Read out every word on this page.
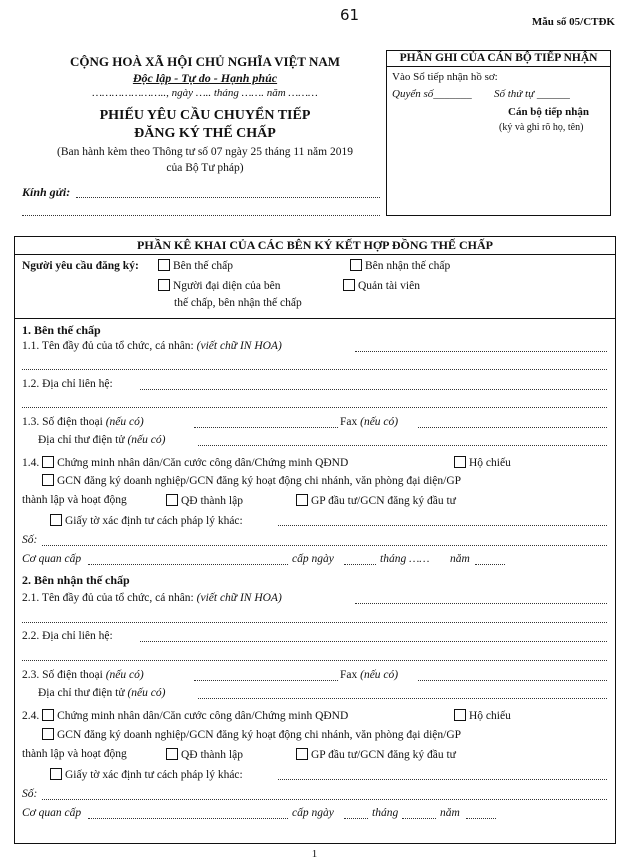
61	Mẫu số 05/CTĐK
CỘNG HOÀ XÃ HỘI CHỦ NGHĨA VIỆT NAM
Độc lập - Tự do - Hạnh phúc
………………….., ngày ….. tháng ……. năm ………
PHIẾU YÊU CẦU CHUYỂN TIẾP
ĐĂNG KÝ THẾ CHẤP
(Ban hành kèm theo Thông tư số 07 ngày 25 tháng 11 năm 2019
của Bộ Tư pháp)
Kính gửi:
PHẦN GHI CỦA CÁN BỘ TIẾP NHẬN
Vào Sổ tiếp nhận hồ sơ:
Quyển số_______ Số thứ tự ______
Cán bộ tiếp nhận
(ký và ghi rõ họ, tên)
PHẦN KÊ KHAI CỦA CÁC BÊN KÝ KẾT HỢP ĐỒNG THẾ CHẤP
Người yêu cầu đăng ký:	Bên thế chấp	Bên nhận thế chấp
Người đại diện của bên
thế chấp, bên nhận thế chấp
Quản tài viên
1. Bên thế chấp
1.1. Tên đầy đủ của tổ chức, cá nhân: (viết chữ IN HOA)
1.2. Địa chỉ liên hệ:
1.3. Số điện thoại (nếu có)	Fax (nếu có)
Địa chỉ thư điện tử (nếu có)
1.4. Chứng minh nhân dân/Căn cước công dân/Chứng minh QĐND	Hộ chiếu
GCN đăng ký doanh nghiệp/GCN đăng ký hoạt động chi nhánh, văn phòng đại diện/GP
thành lập và hoạt động	QĐ thành lập	GP đầu tư/GCN đăng ký đầu tư
Giấy tờ xác định tư cách pháp lý khác:
Số:
Cơ quan cấp	cấp ngày	tháng …… năm
2. Bên nhận thế chấp
2.1. Tên đầy đủ của tổ chức, cá nhân: (viết chữ IN HOA)
2.2. Địa chỉ liên hệ:
2.3. Số điện thoại (nếu có)	Fax (nếu có)
Địa chỉ thư điện tử (nếu có)
2.4. Chứng minh nhân dân/Căn cước công dân/Chứng minh QĐND	Hộ chiếu
GCN đăng ký doanh nghiệp/GCN đăng ký hoạt động chi nhánh, văn phòng đại diện/GP
thành lập và hoạt động	QĐ thành lập	GP đầu tư/GCN đăng ký đầu tư
Giấy tờ xác định tư cách pháp lý khác:
Số:
Cơ quan cấp	cấp ngày	tháng	năm
1
